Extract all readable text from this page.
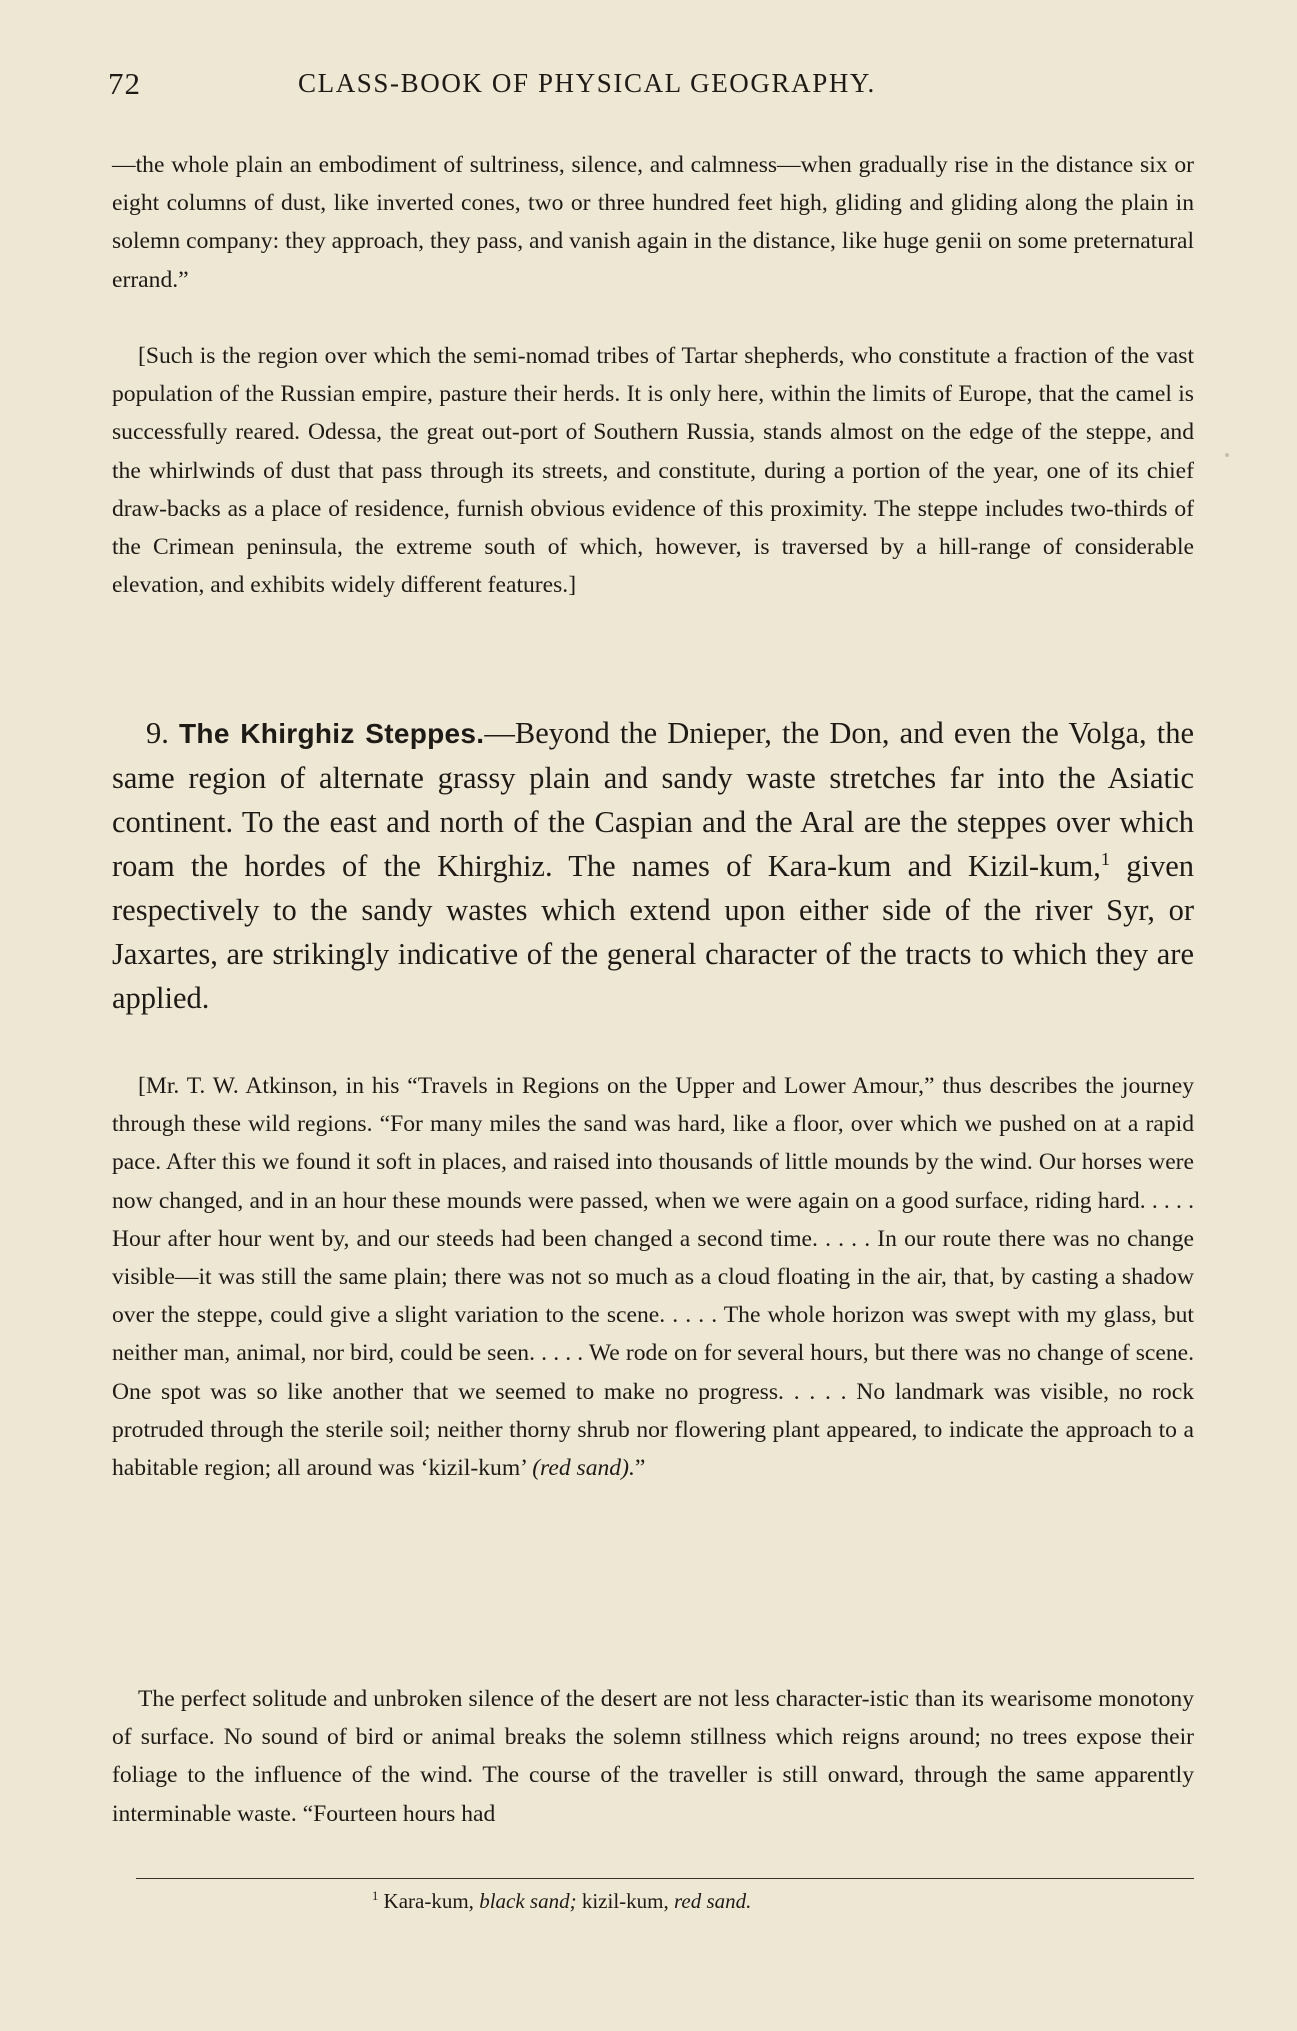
72	CLASS-BOOK OF PHYSICAL GEOGRAPHY.

—the whole plain an embodiment of sultriness, silence, and calmness—when gradually rise in the distance six or eight columns of dust, like inverted cones, two or three hundred feet high, gliding and gliding along the plain in solemn company: they approach, they pass, and vanish again in the distance, like huge genii on some preternatural errand.”

[Such is the region over which the semi-nomad tribes of Tartar shepherds, who constitute a fraction of the vast population of the Russian empire, pasture their herds. It is only here, within the limits of Europe, that the camel is successfully reared. Odessa, the great out-port of Southern Russia, stands almost on the edge of the steppe, and the whirlwinds of dust that pass through its streets, and constitute, during a portion of the year, one of its chief draw-backs as a place of residence, furnish obvious evidence of this proximity. The steppe includes two-thirds of the Crimean peninsula, the extreme south of which, however, is traversed by a hill-range of considerable elevation, and exhibits widely different features.]

9. The Khirghiz Steppes.—Beyond the Dnieper, the Don, and even the Volga, the same region of alternate grassy plain and sandy waste stretches far into the Asiatic continent. To the east and north of the Caspian and the Aral are the steppes over which roam the hordes of the Khirghiz. The names of Kara-kum and Kizil-kum,$^1$ given respectively to the sandy wastes which extend upon either side of the river Syr, or Jaxartes, are strikingly indicative of the general character of the tracts to which they are applied.

[Mr. T. W. Atkinson, in his “Travels in Regions on the Upper and Lower Amour,” thus describes the journey through these wild regions. “For many miles the sand was hard, like a floor, over which we pushed on at a rapid pace. After this we found it soft in places, and raised into thousands of little mounds by the wind. Our horses were now changed, and in an hour these mounds were passed, when we were again on a good surface, riding hard. . . . . Hour after hour went by, and our steeds had been changed a second time. . . . . In our route there was no change visible—it was still the same plain; there was not so much as a cloud floating in the air, that, by casting a shadow over the steppe, could give a slight variation to the scene. . . . . The whole horizon was swept with my glass, but neither man, animal, nor bird, could be seen. . . . . We rode on for several hours, but there was no change of scene. One spot was so like another that we seemed to make no progress. . . . . No landmark was visible, no rock protruded through the sterile soil; neither thorny shrub nor flowering plant appeared, to indicate the approach to a habitable region; all around was ‘kizil-kum’ (red sand).”

The perfect solitude and unbroken silence of the desert are not less character-istic than its wearisome monotony of surface. No sound of bird or animal breaks the solemn stillness which reigns around; no trees expose their foliage to the influence of the wind. The course of the traveller is still onward, through the same apparently interminable waste. “Fourteen hours had

$^1$ Kara-kum, black sand; kizil-kum, red sand.
